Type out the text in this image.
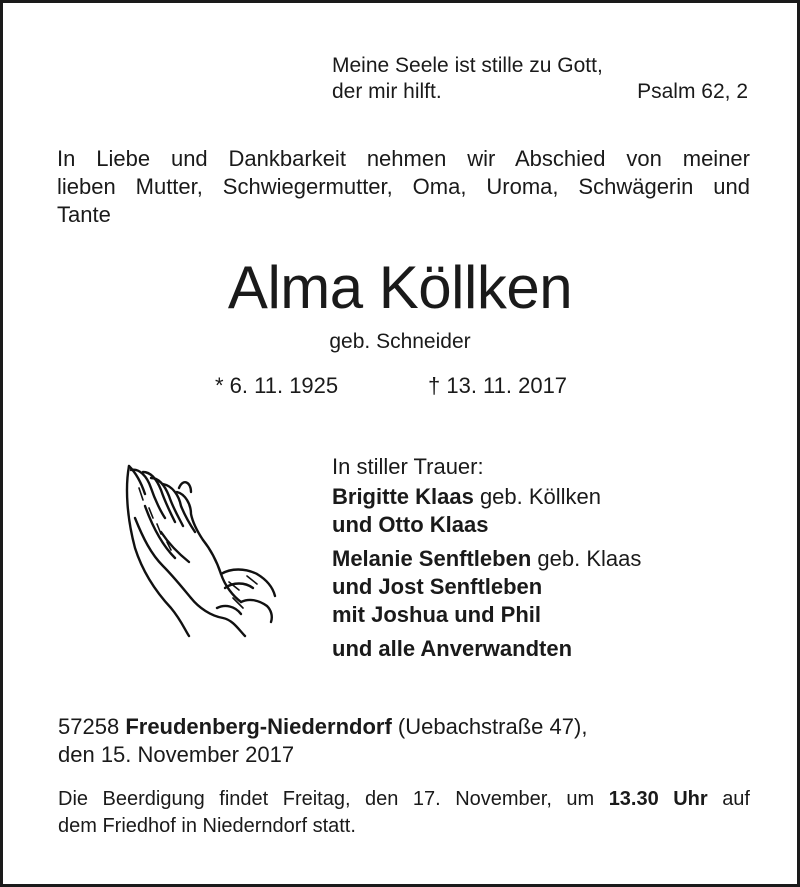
Meine Seele ist stille zu Gott,
der mir hilft.	Psalm 62, 2
In Liebe und Dankbarkeit nehmen wir Abschied von meiner
lieben Mutter, Schwiegermutter, Oma, Uroma, Schwägerin und
Tante
Alma Köllken
geb. Schneider
* 6. 11. 1925	† 13. 11. 2017
In stiller Trauer:
Brigitte Klaas geb. Köllken
und Otto Klaas
Melanie Senftleben geb. Klaas
und Jost Senftleben
mit Joshua und Phil
und alle Anverwandten
57258 Freudenberg-Niederndorf (Uebachstraße 47),
den 15. November 2017
Die Beerdigung findet Freitag, den 17. November, um 13.30 Uhr auf
dem Friedhof in Niederndorf statt.
